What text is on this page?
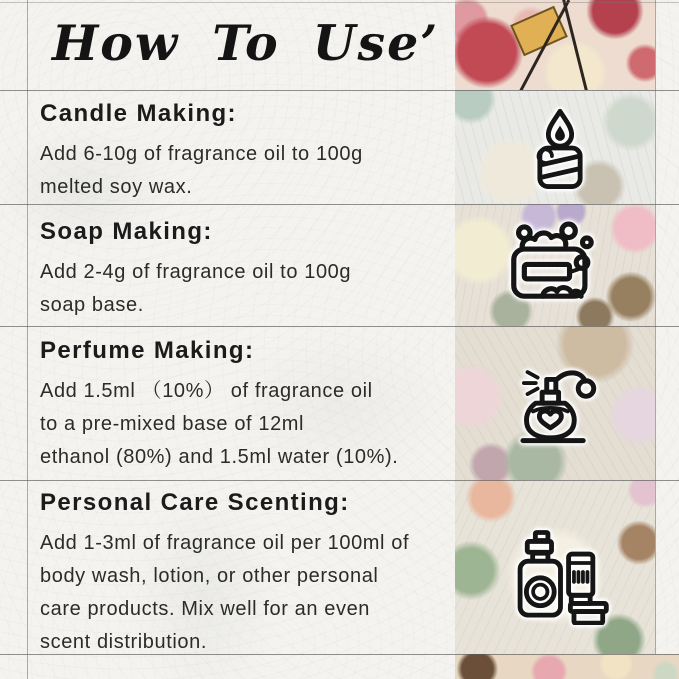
How To Use’
Candle Making:

Add 6-10g of fragrance oil to 100g

melted soy wax.

Soap Making:

Add 2-4g of fragrance oil to 100g

soap base.

Perfume Making:

Add 1.5ml （10%） of fragrance oil

to a pre-mixed base of 12ml

ethanol (80%) and 1.5ml water (10%).

Personal Care Scenting:

Add 1-3ml of fragrance oil per 100ml of

body wash, lotion, or other personal

care products. Mix well for an even

scent distribution.
